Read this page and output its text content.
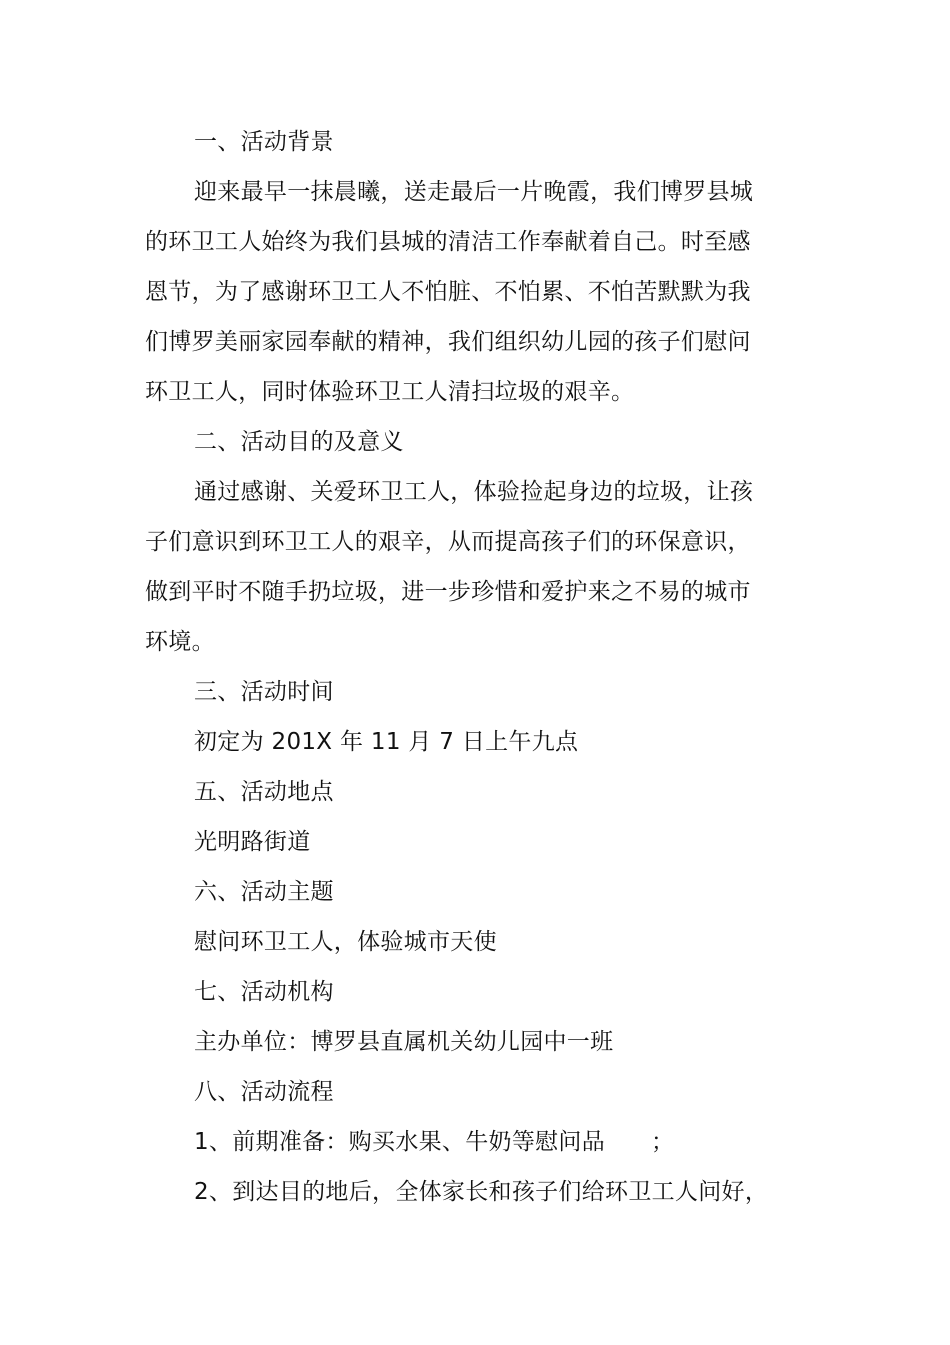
一、活动背景
迎来最早一抹晨曦，送走最后一片晚霞，我们博罗县城
的环卫工人始终为我们县城的清洁工作奉献着自己。时至感
恩节，为了感谢环卫工人不怕脏、不怕累、不怕苦默默为我
们博罗美丽家园奉献的精神，我们组织幼儿园的孩子们慰问
环卫工人，同时体验环卫工人清扫垃圾的艰辛。
二、活动目的及意义
通过感谢、关爱环卫工人，体验捡起身边的垃圾，让孩
子们意识到环卫工人的艰辛，从而提高孩子们的环保意识，
做到平时不随手扔垃圾，进一步珍惜和爱护来之不易的城市
环境。
三、活动时间
初定为 201X 年 11 月 7 日上午九点
五、活动地点
光明路街道
六、活动主题
慰问环卫工人，体验城市天使
七、活动机构
主办单位：博罗县直属机关幼儿园中一班
八、活动流程
1、前期准备：购买水果、牛奶等慰问品 ；
2、到达目的地后，全体家长和孩子们给环卫工人问好，
